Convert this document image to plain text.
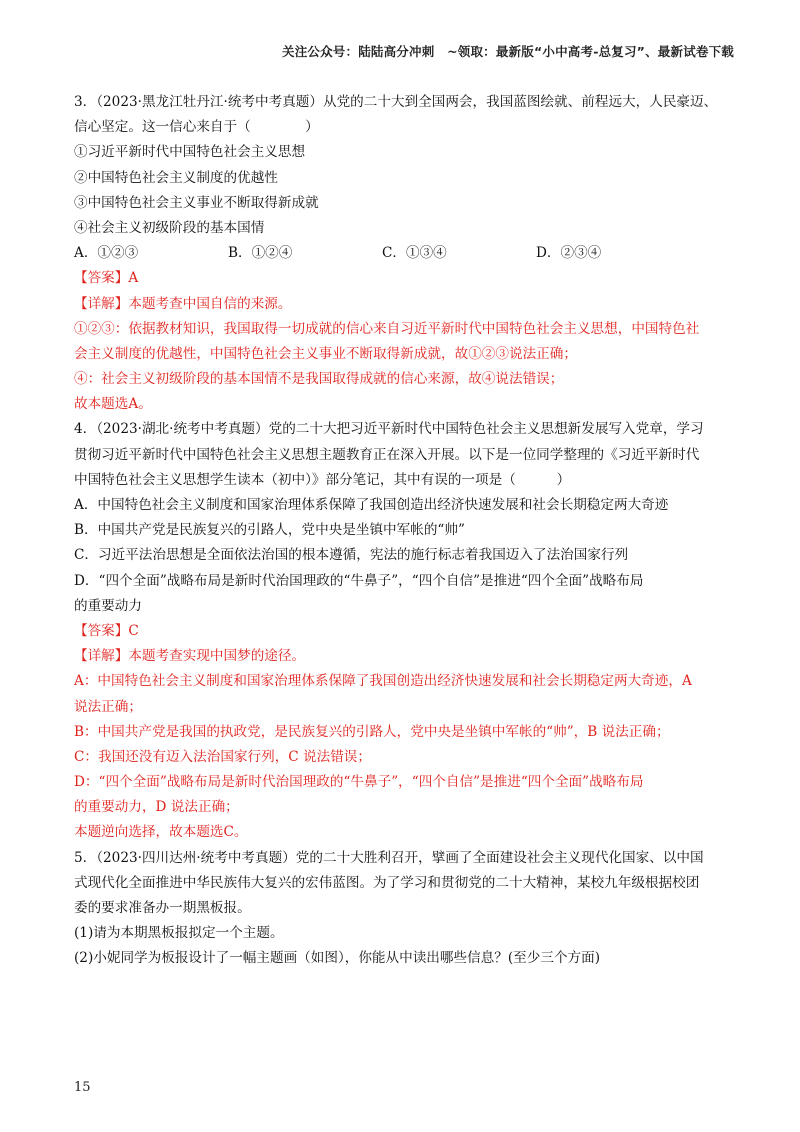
关注公众号：陆陆高分冲刺　~领取：最新版“小中高考-总复习”、最新试卷下载
3．（2023·黑龙江牡丹江·统考中考真题）从党的二十大到全国两会，我国蓝图绘就、前程远大，人民豪迈、
信心坚定。这一信心来自于（　　　　）
①习近平新时代中国特色社会主义思想
②中国特色社会主义制度的优越性
③中国特色社会主义事业不断取得新成就
④社会主义初级阶段的基本国情
A．①②③	B．①②④	C．①③④	D．②③④
【答案】A
【详解】本题考查中国自信的来源。
①②③：依据教材知识，我国取得一切成就的信心来自习近平新时代中国特色社会主义思想，中国特色社
会主义制度的优越性，中国特色社会主义事业不断取得新成就，故①②③说法正确；
④：社会主义初级阶段的基本国情不是我国取得成就的信心来源，故④说法错误；
故本题选A。
4．（2023·湖北·统考中考真题）党的二十大把习近平新时代中国特色社会主义思想新发展写入党章，学习
贯彻习近平新时代中国特色社会主义思想主题教育正在深入开展。以下是一位同学整理的《习近平新时代
中国特色社会主义思想学生读本（初中）》部分笔记，其中有误的一项是（　　　）
A．中国特色社会主义制度和国家治理体系保障了我国创造出经济快速发展和社会长期稳定两大奇迹
B．中国共产党是民族复兴的引路人，党中央是坐镇中军帐的“帅”
C．习近平法治思想是全面依法治国的根本遵循，宪法的施行标志着我国迈入了法治国家行列
D．“四个全面”战略布局是新时代治国理政的“牛鼻子”，“四个自信”是推进“四个全面”战略布局
的重要动力
【答案】C
【详解】本题考查实现中国梦的途径。
A：中国特色社会主义制度和国家治理体系保障了我国创造出经济快速发展和社会长期稳定两大奇迹，A
说法正确；
B：中国共产党是我国的执政党，是民族复兴的引路人，党中央是坐镇中军帐的“帅”，B 说法正确；
C：我国还没有迈入法治国家行列，C 说法错误；
D：“四个全面”战略布局是新时代治国理政的“牛鼻子”，“四个自信”是推进“四个全面”战略布局
的重要动力，D 说法正确；
本题逆向选择，故本题选C。
5．（2023·四川达州·统考中考真题）党的二十大胜利召开，擘画了全面建设社会主义现代化国家、以中国
式现代化全面推进中华民族伟大复兴的宏伟蓝图。为了学习和贯彻党的二十大精神，某校九年级根据校团
委的要求准备办一期黑板报。
(1)请为本期黑板报拟定一个主题。
(2)小妮同学为板报设计了一幅主题画（如图），你能从中读出哪些信息？(至少三个方面)
15
